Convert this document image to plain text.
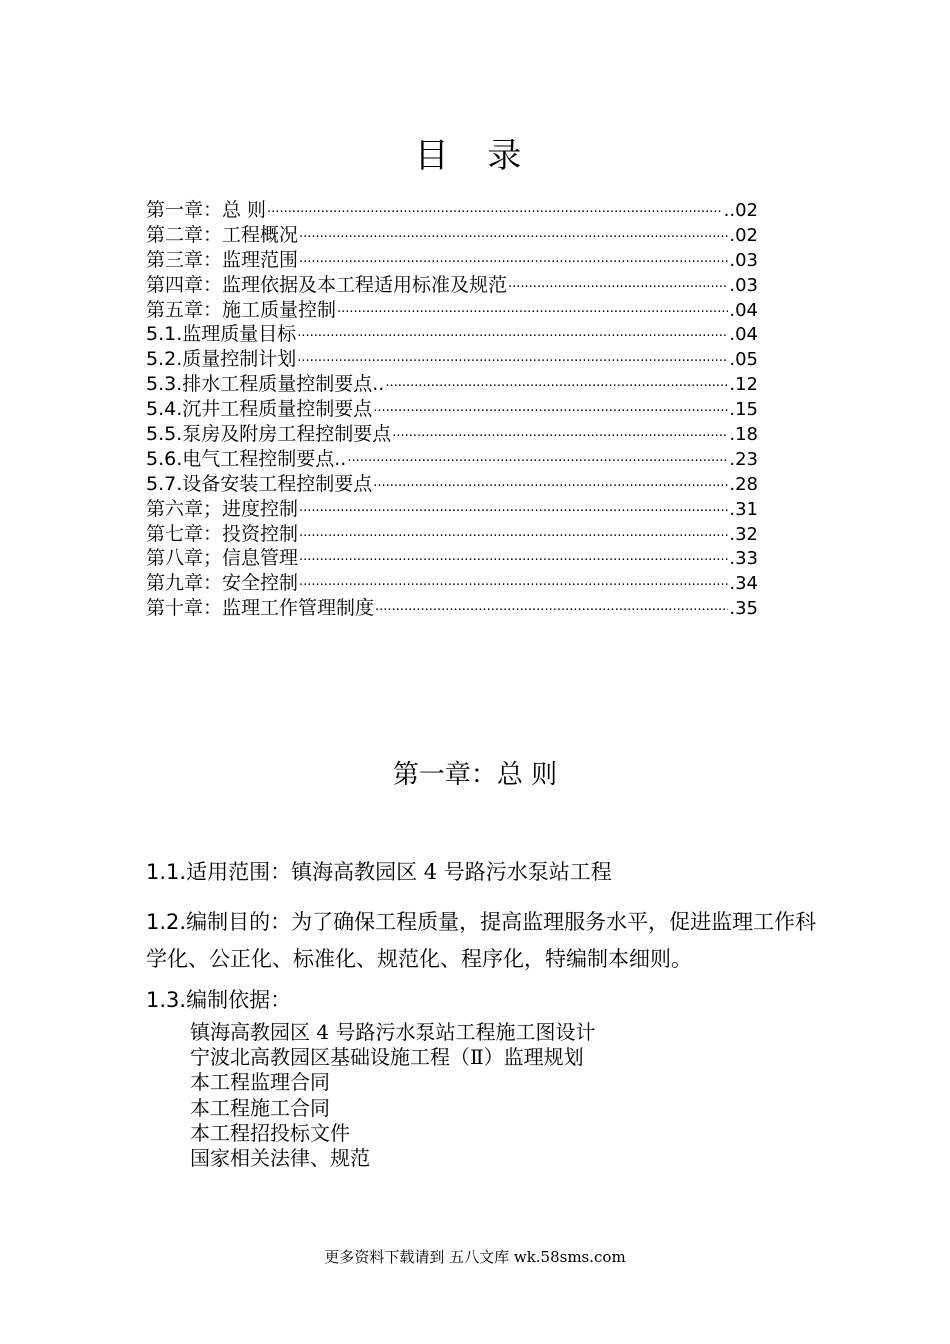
目 录
第一章：总 则 ·····	..02
第二章：工程概况 ·····	.02
第三章：监理范围 ·····	.03
第四章：监理依据及本工程适用标准及规范 ·····	.03
第五章：施工质量控制 ·····	.04
5.1.监理质量目标 ·····	.04
5.2.质量控制计划 ·····	.05
5.3.排水工程质量控制要点.. ·····	.12
5.4.沉井工程质量控制要点 ·····	.15
5.5.泵房及附房工程控制要点 ·····	.18
5.6.电气工程控制要点.. ·····	.23
5.7.设备安装工程控制要点 ·····	.28
第六章；进度控制 ·····	.31
第七章：投资控制 ·····	.32
第八章；信息管理 ·····	.33
第九章：安全控制 ·····	.34
第十章：监理工作管理制度 ·····	.35
第一章：总 则
1.1.适用范围：镇海高教园区 4 号路污水泵站工程
1.2.编制目的：为了确保工程质量，提高监理服务水平，促进监理工作科学化、公正化、标准化、规范化、程序化，特编制本细则。
1.3.编制依据：
镇海高教园区 4 号路污水泵站工程施工图设计
宁波北高教园区基础设施工程（Ⅱ）监理规划
本工程监理合同
本工程施工合同
本工程招投标文件
国家相关法律、规范
更多资料下载请到 五八文库 wk.58sms.com
